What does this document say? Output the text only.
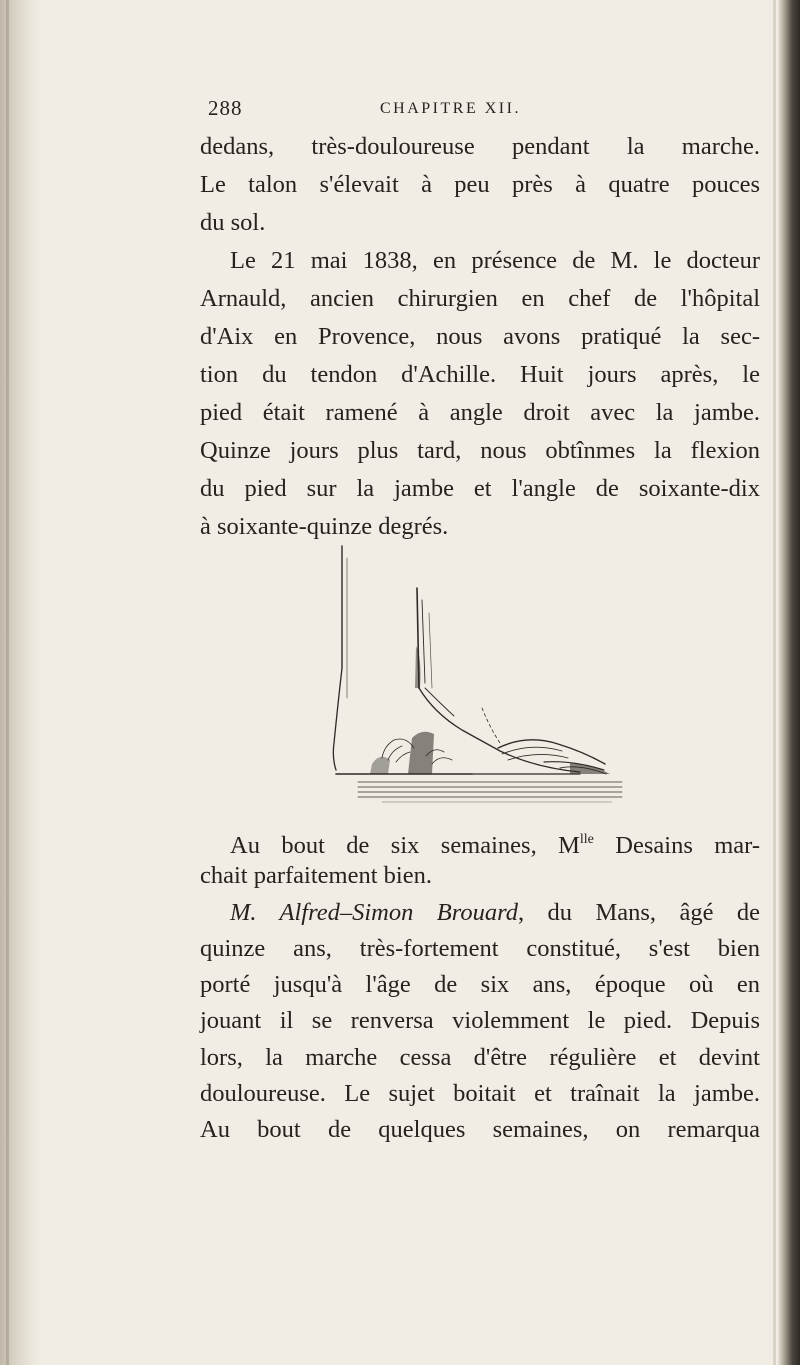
288	CHAPITRE XII.
dedans, très-douloureuse pendant la marche.
Le talon s'élevait à peu près à quatre pouces
du sol.
Le 21 mai 1838, en présence de M. le docteur
Arnauld, ancien chirurgien en chef de l'hôpital
d'Aix en Provence, nous avons pratiqué la sec-
tion du tendon d'Achille. Huit jours après, le
pied était ramené à angle droit avec la jambe.
Quinze jours plus tard, nous obtînmes la flexion
du pied sur la jambe et l'angle de soixante-dix
à soixante-quinze degrés.
Au bout de six semaines, $M^{lle}$ Desains mar-
chait parfaitement bien.
M. Alfred–Simon Brouard, du Mans, âgé de
quinze ans, très-fortement constitué, s'est bien
porté jusqu'à l'âge de six ans, époque où en
jouant il se renversa violemment le pied. Depuis
lors, la marche cessa d'être régulière et devint
douloureuse. Le sujet boitait et traînait la jambe.
Au bout de quelques semaines, on remarqua
